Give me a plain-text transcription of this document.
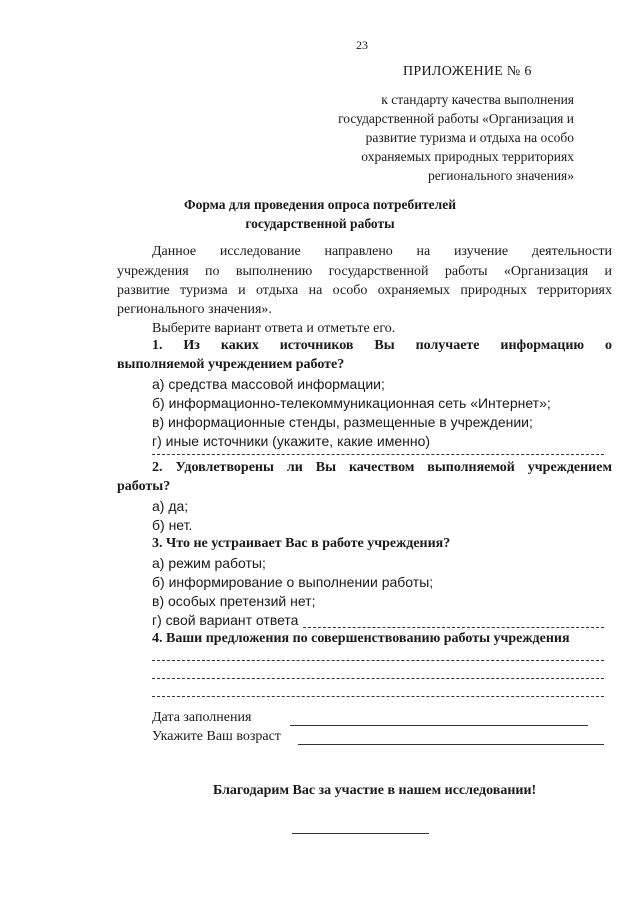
23
ПРИЛОЖЕНИЕ № 6
к стандарту качества выполнения
государственной работы «Организация и
развитие туризма и отдыха на особо
охраняемых природных территориях
регионального значения»
Форма для проведения опроса потребителей
государственной работы
Данное исследование направлено на изучение деятельности
учреждения по выполнению государственной работы «Организация и
развитие туризма и отдыха на особо охраняемых природных территориях
регионального значения».
Выберите вариант ответа и отметьте его.
1. Из каких источников Вы получаете информацию о
выполняемой учреждением работе?
а) средства массовой информации;
б) информационно-телекоммуникационная сеть «Интернет»;
в) информационные стенды, размещенные в учреждении;
г) иные источники (укажите, какие именно)
2. Удовлетворены ли Вы качеством выполняемой учреждением
работы?
а) да;
б) нет.
3. Что не устраивает Вас в работе учреждения?
а) режим работы;
б) информирование о выполнении работы;
в) особых претензий нет;
г) свой вариант ответа
4. Ваши предложения по совершенствованию работы учреждения
Дата заполнения
Укажите Ваш возраст
Благодарим Вас за участие в нашем исследовании!
